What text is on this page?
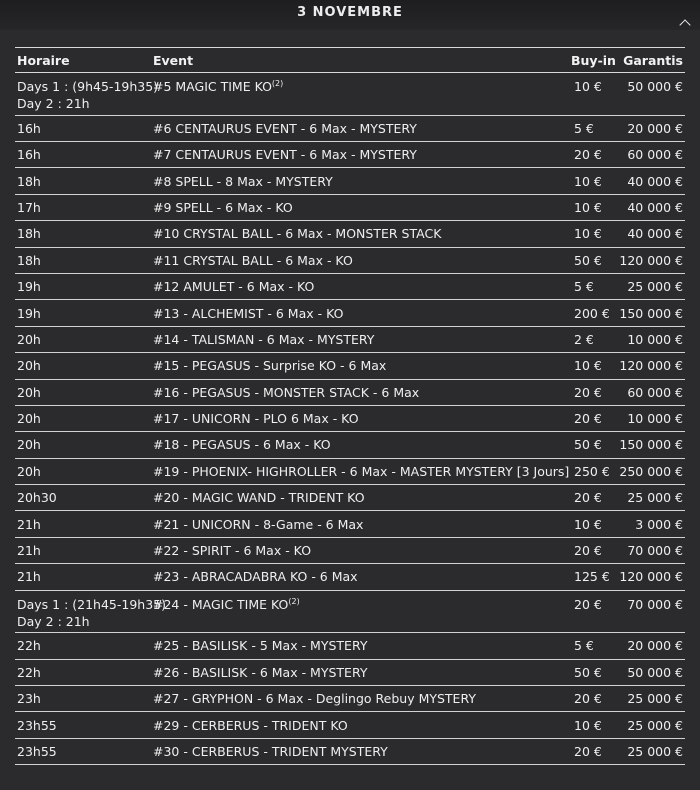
3 NOVEMBRE
Horaire	Event	Buy-in	Garantis

Days 1 : (9h45-19h35)
Day 2 : 21h	#5 MAGIC TIME KO$^{(2)}$	10 €	50 000 €

16h	#6 CENTAURUS EVENT - 6 Max - MYSTERY	5 €	20 000 €

16h	#7 CENTAURUS EVENT - 6 Max - MYSTERY	20 €	60 000 €

18h	#8 SPELL - 8 Max - MYSTERY	10 €	40 000 €

17h	#9 SPELL - 6 Max - KO	10 €	40 000 €

18h	#10 CRYSTAL BALL - 6 Max - MONSTER STACK	10 €	40 000 €

18h	#11 CRYSTAL BALL - 6 Max - KO	50 €	120 000 €

19h	#12 AMULET - 6 Max - KO	5 €	25 000 €

19h	#13 - ALCHEMIST - 6 Max - KO	200 €	150 000 €

20h	#14 - TALISMAN - 6 Max - MYSTERY	2 €	10 000 €

20h	#15 - PEGASUS - Surprise KO - 6 Max	10 €	120 000 €

20h	#16 - PEGASUS - MONSTER STACK - 6 Max	20 €	60 000 €

20h	#17 - UNICORN - PLO 6 Max - KO	20 €	10 000 €

20h	#18 - PEGASUS - 6 Max - KO	50 €	150 000 €

20h	#19 - PHOENIX- HIGHROLLER - 6 Max - MASTER MYSTERY [3 Jours]	250 €	250 000 €

20h30	#20 - MAGIC WAND - TRIDENT KO	20 €	25 000 €

21h	#21 - UNICORN - 8-Game - 6 Max	10 €	3 000 €

21h	#22 - SPIRIT - 6 Max - KO	20 €	70 000 €

21h	#23 - ABRACADABRA KO - 6 Max	125 €	120 000 €

Days 1 : (21h45-19h35)
Day 2 : 21h	#24 - MAGIC TIME KO$^{(2)}$	20 €	70 000 €

22h	#25 - BASILISK - 5 Max - MYSTERY	5 €	20 000 €

22h	#26 - BASILISK - 6 Max - MYSTERY	50 €	50 000 €

23h	#27 - GRYPHON - 6 Max - Deglingo Rebuy MYSTERY	20 €	25 000 €

23h55	#29 - CERBERUS - TRIDENT KO	10 €	25 000 €

23h55	#30 - CERBERUS - TRIDENT MYSTERY	20 €	25 000 €
